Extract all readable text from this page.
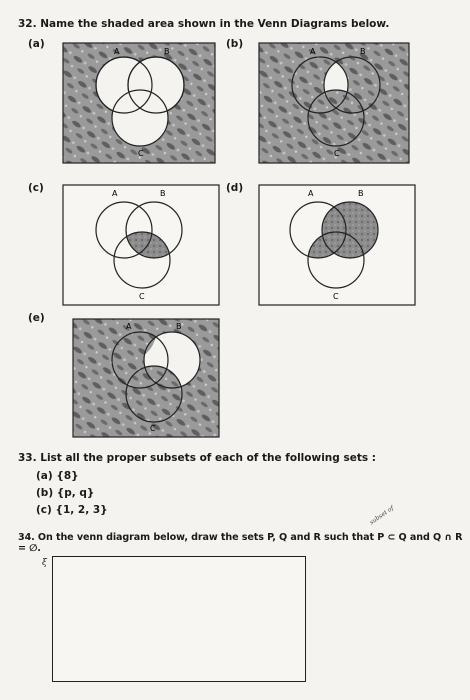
32. Name the shaded area shown in the Venn Diagrams below.
(a)
A	B
C
(b)
A	B
C
(c)	A	B
C
(d)	A	B
C
(e)
A	B
C
33. List all the proper subsets of each of the following sets :
(a) {8}
(b) {p, q}
(c) {1, 2, 3}	subset of
34. On the venn diagram below, draw the sets P, Q and R such that P ⊂ Q and Q ∩ R = ∅.
ξ
